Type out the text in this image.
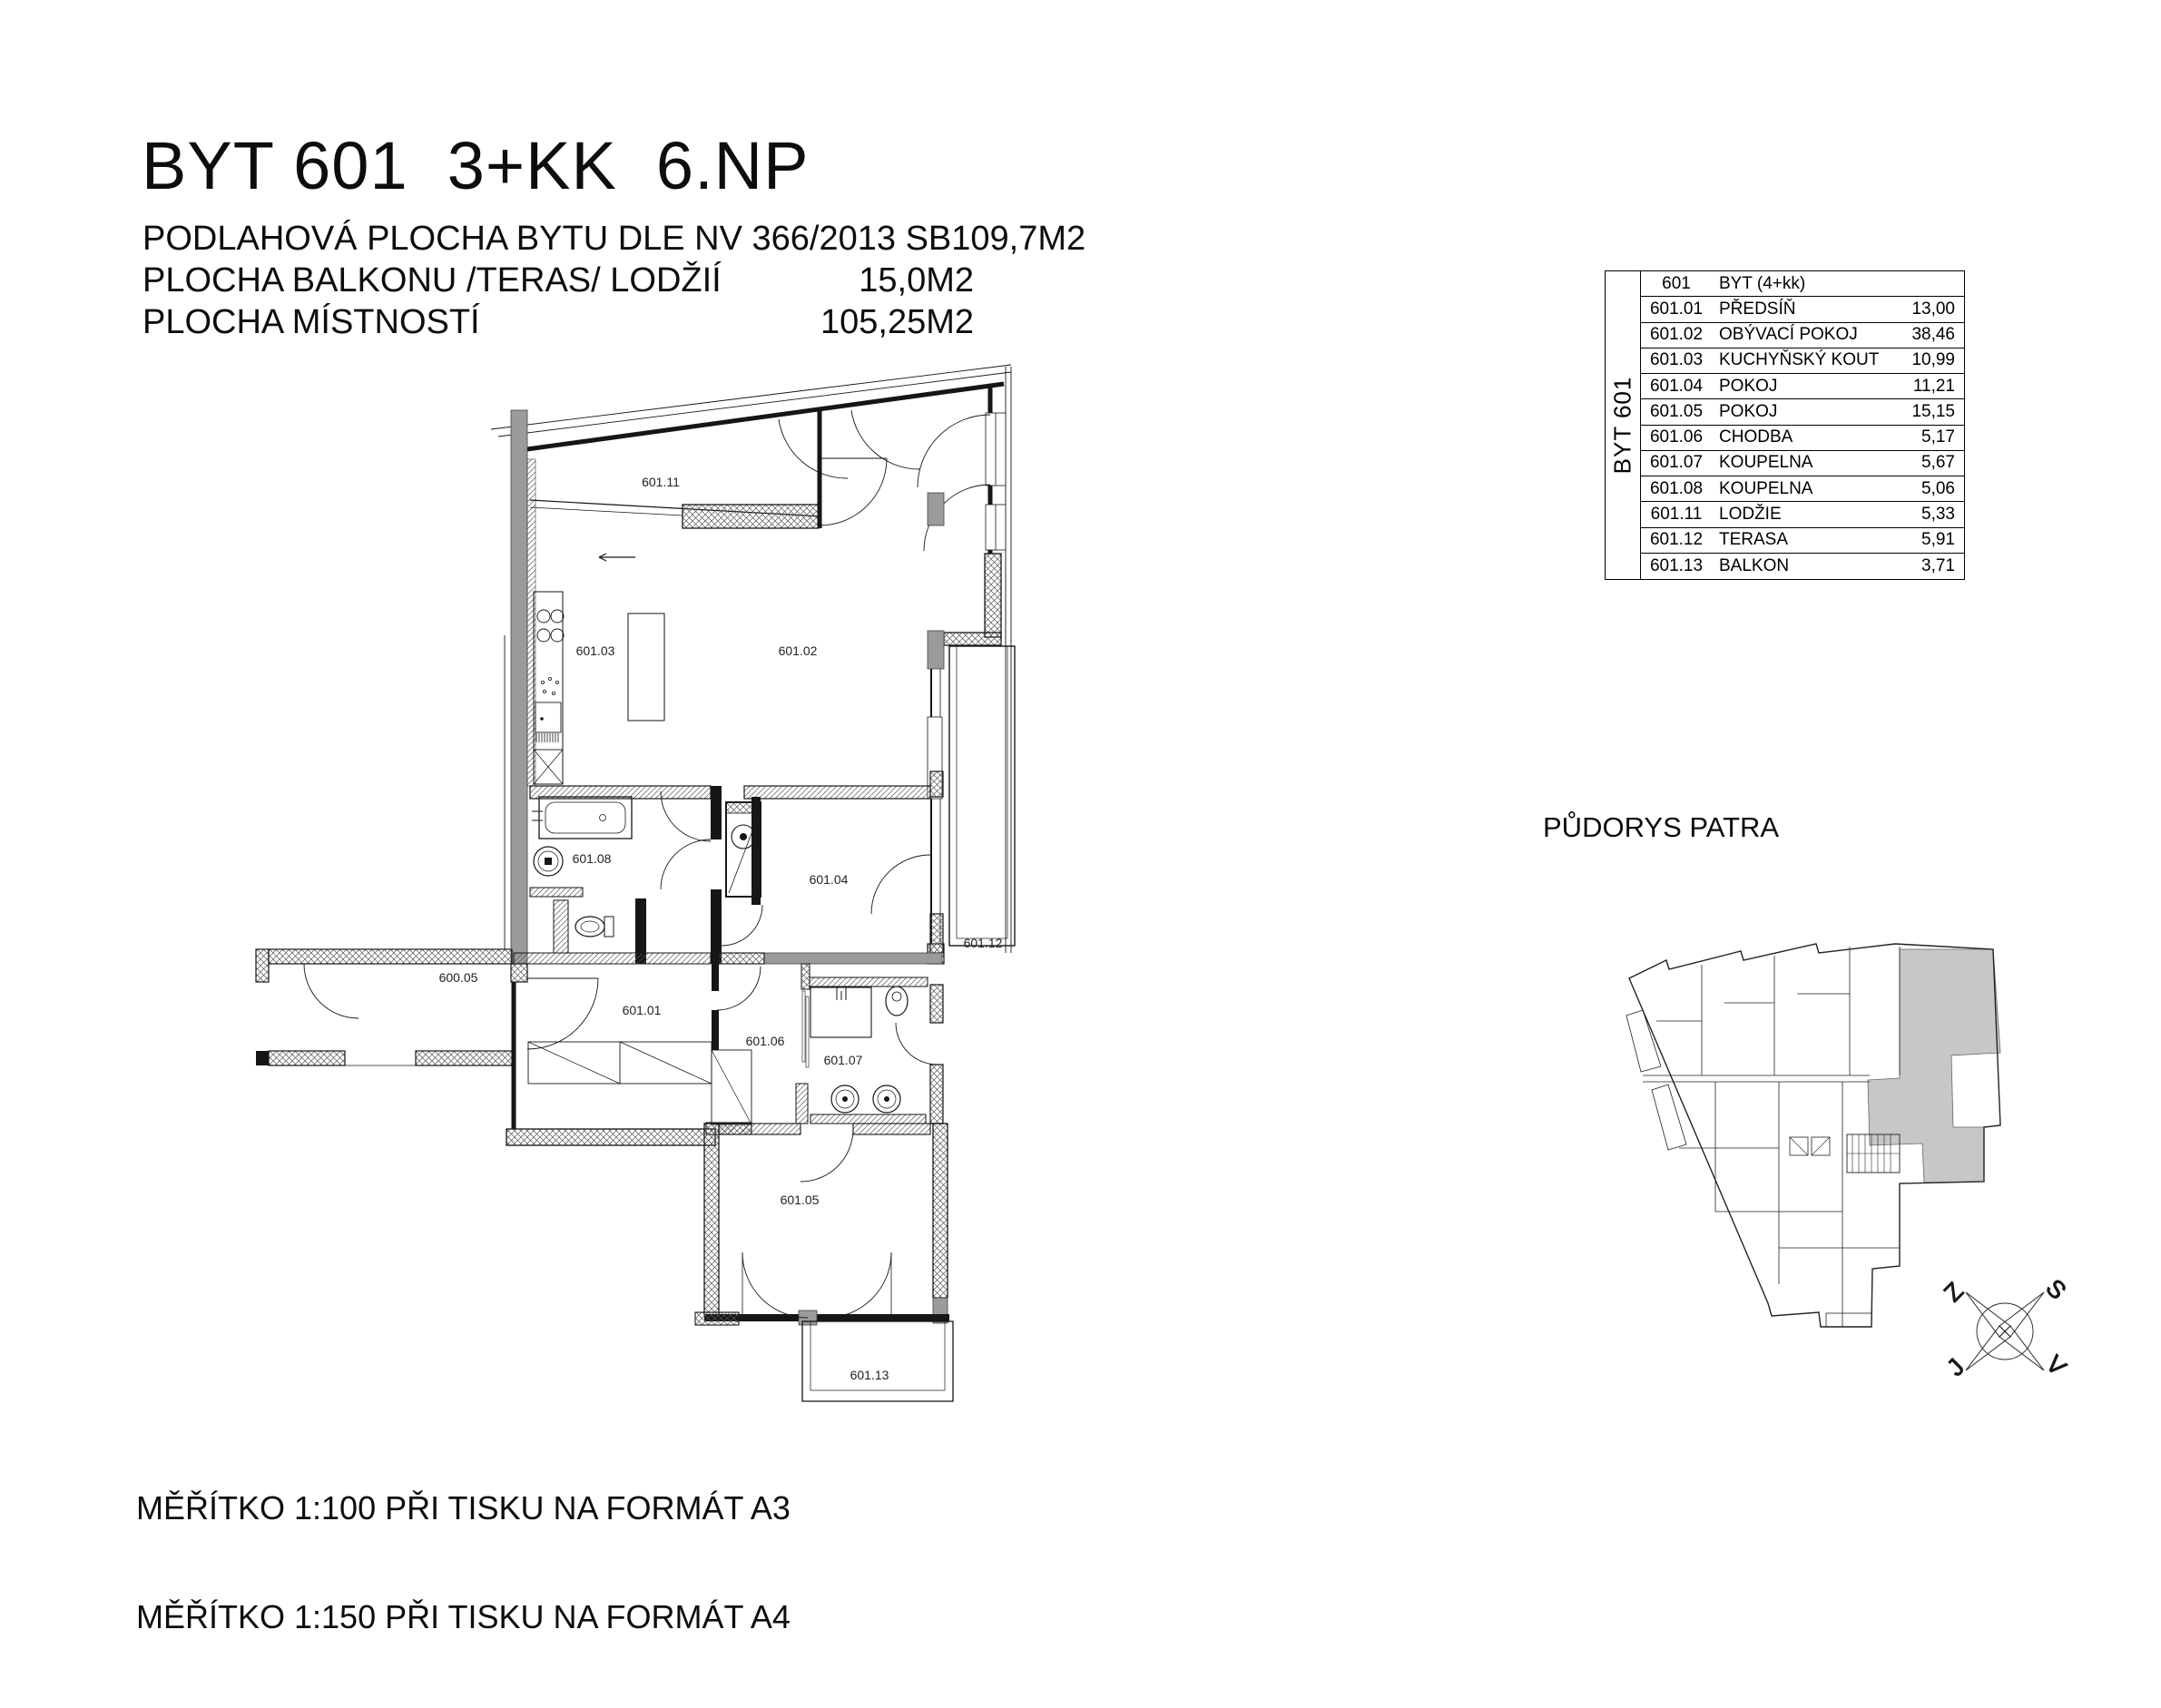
601.11
601.03	601.02
601.08
601.04
601.12
600.05
601.01
601.06
601.07
601.05
601.13
Z	S
J	V
BYT 601  3+KK  6.NP
PODLAHOVÁ PLOCHA BYTU DLE NV 366/2013 SB 109,7M2
PLOCHA BALKONU /TERAS/ LODŽIÍ	15,0M2
PLOCHA MÍSTNOSTÍ	105,25M2
BYT 601
601	BYT (4+kk)
601.01 PŘEDSÍŇ	13,00
601.02 OBÝVACÍ POKOJ	38,46
601.03 KUCHYŇSKÝ KOUT	10,99
601.04 POKOJ	11,21
601.05 POKOJ	15,15
601.06 CHODBA	5,17
601.07 KOUPELNA	5,67
601.08 KOUPELNA	5,06
601.11 LODŽIE	5,33
601.12 TERASA	5,91
601.13 BALKON	3,71
PŮDORYS PATRA

MĚŘÍTKO 1:100 PŘI TISKU NA FORMÁT A3

MĚŘÍTKO 1:150 PŘI TISKU NA FORMÁT A4
